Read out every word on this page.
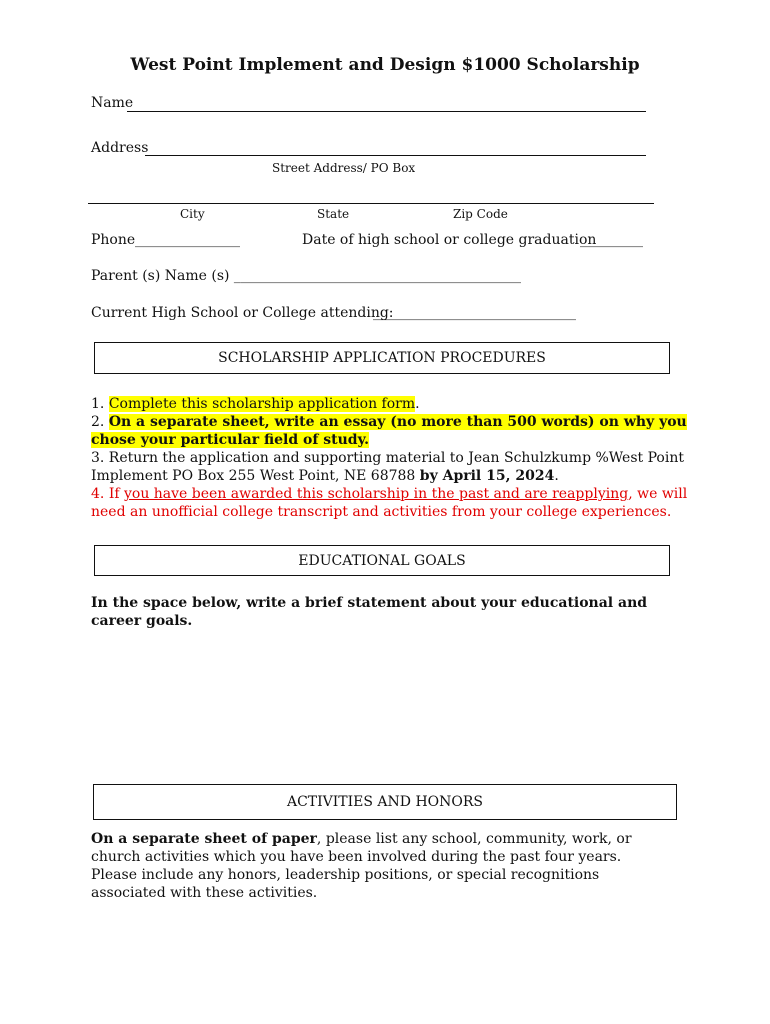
West Point Implement and Design $1000 Scholarship
Name
Address
Street Address/ PO Box
City	State	Zip Code
Phone _______________	Date of high school or college graduation
_________
Parent (s) Name (s) _ ________________________________________
Current High School or College attending:
_____________________________
SCHOLARSHIP APPLICATION PROCEDURES
1. Complete this scholarship application form.
2. On a separate sheet, write an essay (no more than 500 words) on why you chose your particular field of study.
3. Return the application and supporting material to Jean Schulzkump %West Point Implement PO Box 255 West Point, NE 68788 by April 15, 2024.
4. If you have been awarded this scholarship in the past and are reapplying, we will need an unofficial college transcript and activities from your college experiences.
EDUCATIONAL GOALS
In the space below, write a brief statement about your educational and career goals.
ACTIVITIES AND HONORS
On a separate sheet of paper, please list any school, community, work, or church activities which you have been involved during the past four years. Please include any honors, leadership positions, or special recognitions associated with these activities.
